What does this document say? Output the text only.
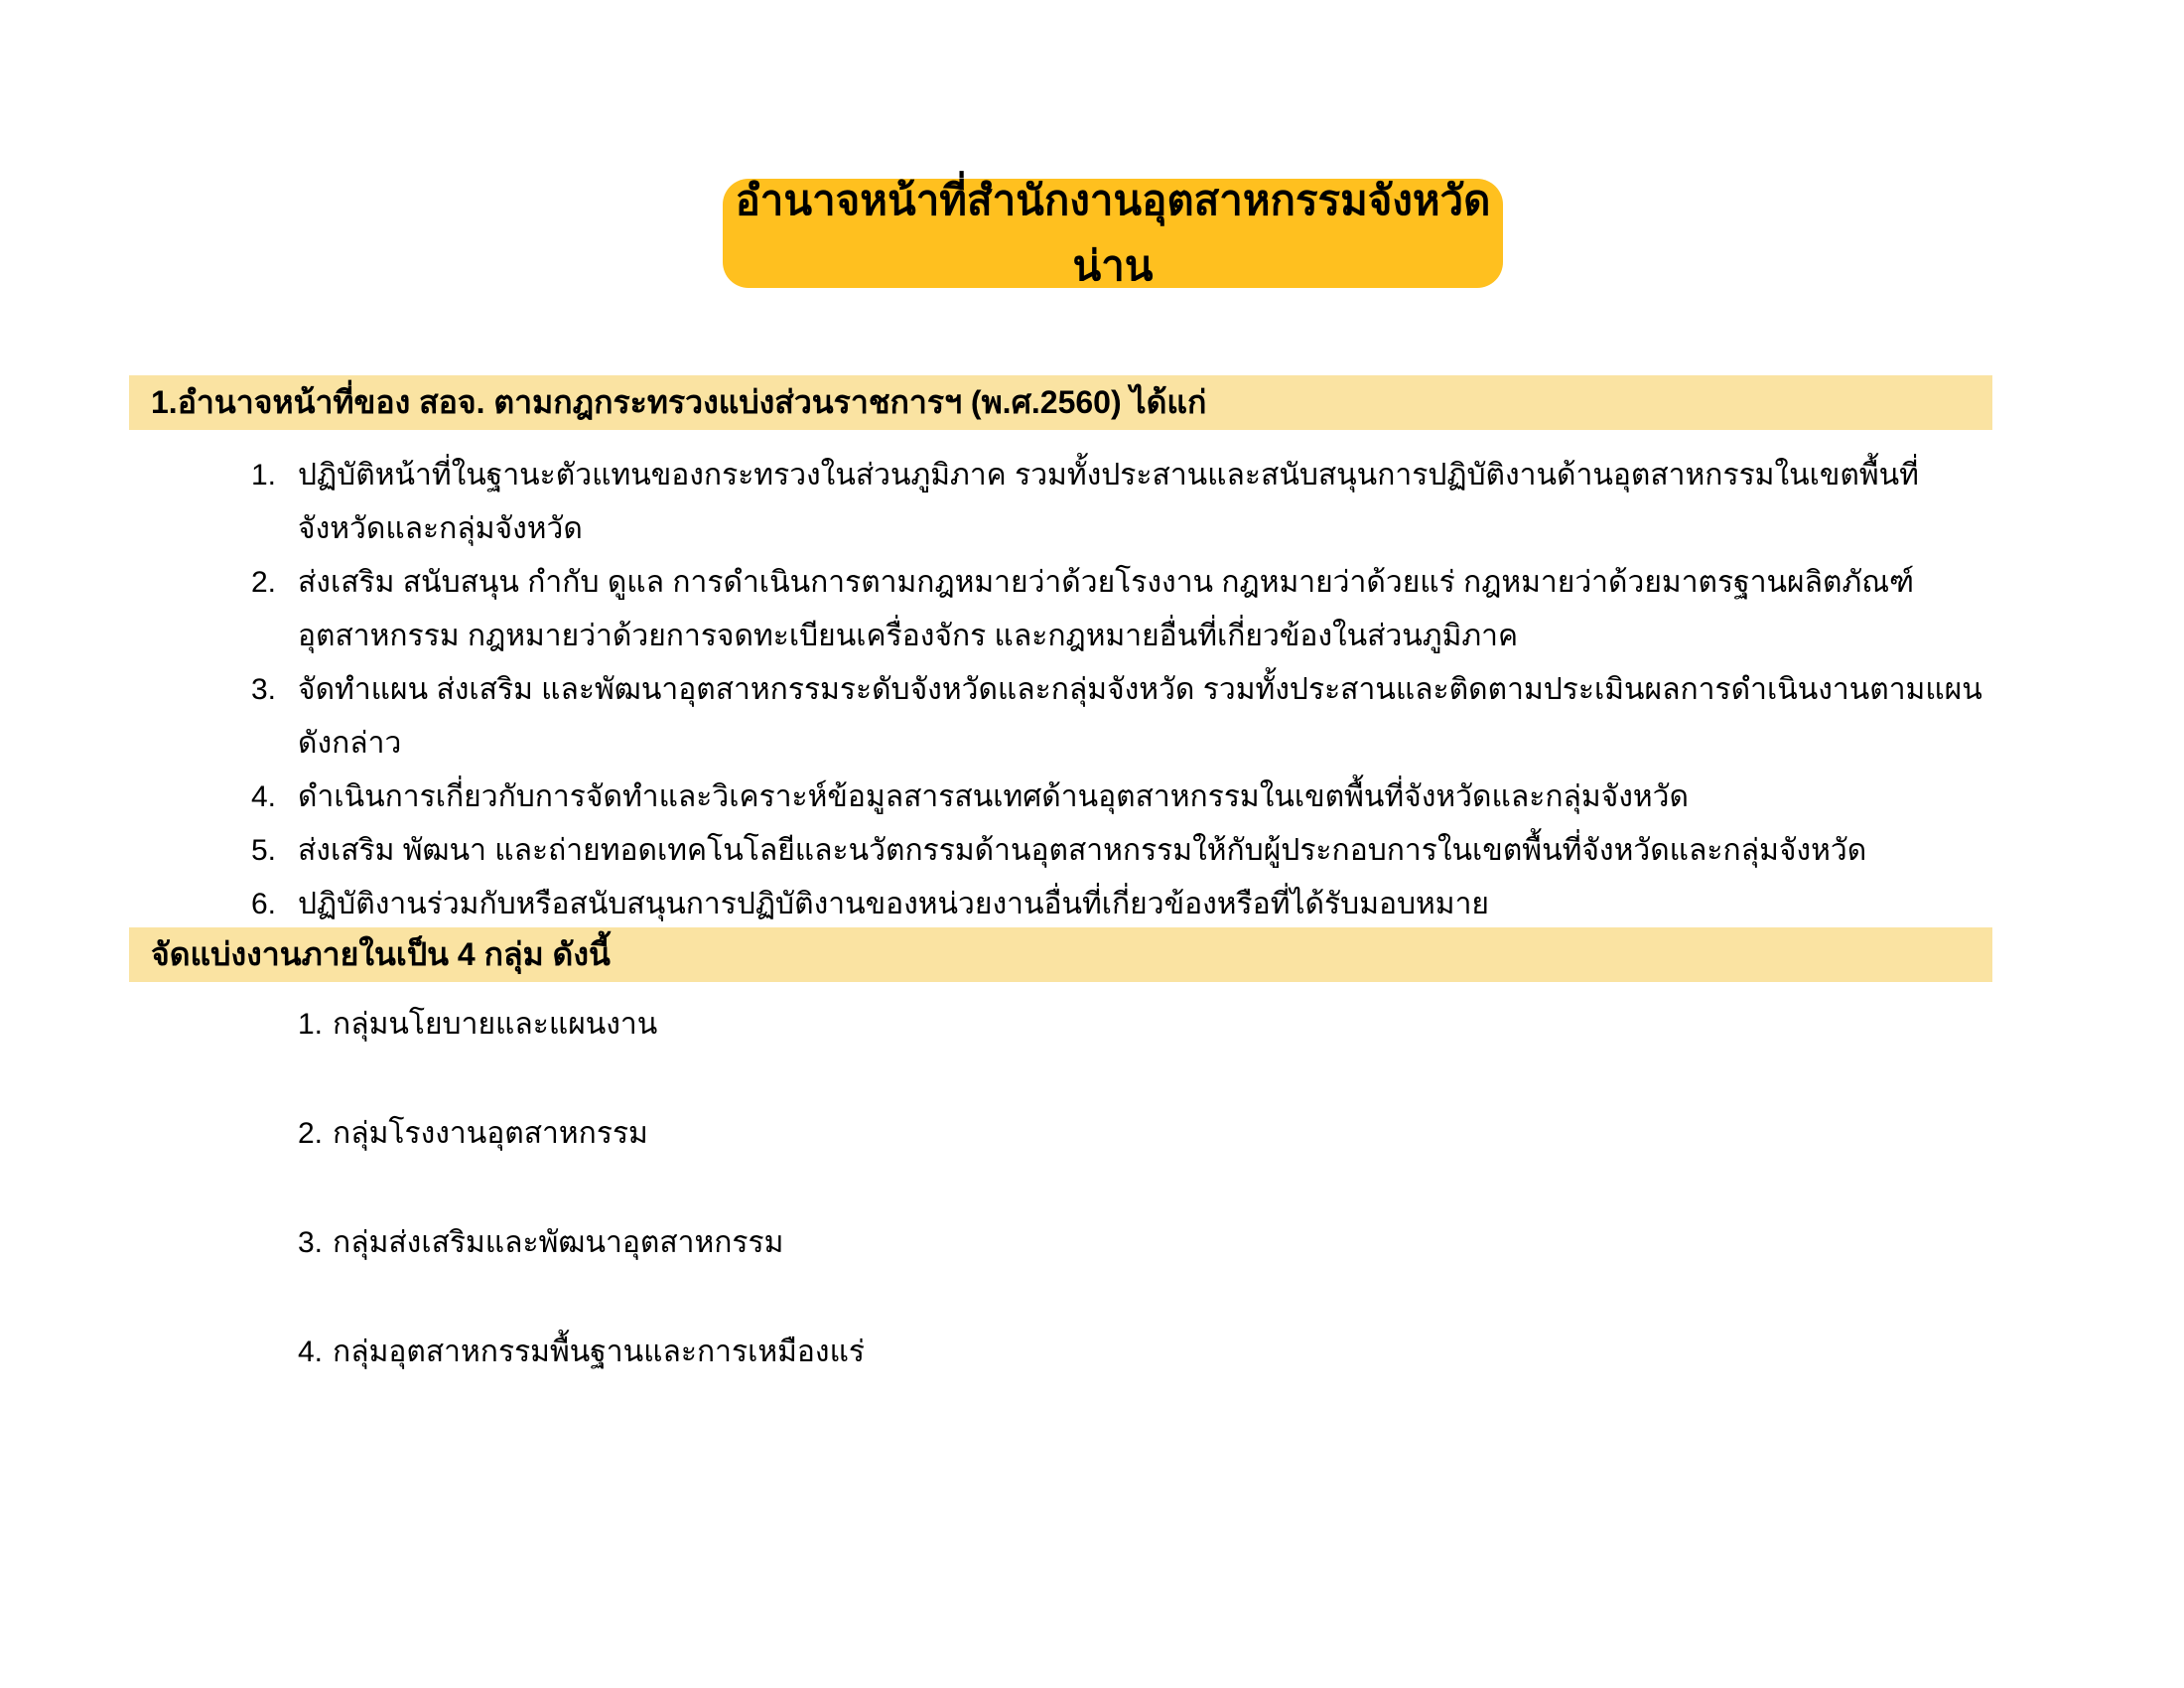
อำนาจหน้าที่สำนักงานอุตสาหกรรมจังหวัดน่าน
1.อำนาจหน้าที่ของ สอจ. ตามกฎกระทรวงแบ่งส่วนราชการฯ (พ.ศ.2560) ได้แก่
1. ปฏิบัติหน้าที่ในฐานะตัวแทนของกระทรวงในส่วนภูมิภาค รวมทั้งประสานและสนับสนุนการปฏิบัติงานด้านอุตสาหกรรมในเขตพื้นที่จังหวัดและกลุ่มจังหวัด
2. ส่งเสริม สนับสนุน กำกับ ดูแล การดำเนินการตามกฎหมายว่าด้วยโรงงาน กฎหมายว่าด้วยแร่ กฎหมายว่าด้วยมาตรฐานผลิตภัณฑ์อุตสาหกรรม กฎหมายว่าด้วยการจดทะเบียนเครื่องจักร และกฎหมายอื่นที่เกี่ยวข้องในส่วนภูมิภาค
3. จัดทำแผน ส่งเสริม และพัฒนาอุตสาหกรรมระดับจังหวัดและกลุ่มจังหวัด รวมทั้งประสานและติดตามประเมินผลการดำเนินงานตามแผนดังกล่าว
4. ดำเนินการเกี่ยวกับการจัดทำและวิเคราะห์ข้อมูลสารสนเทศด้านอุตสาหกรรมในเขตพื้นที่จังหวัดและกลุ่มจังหวัด
5. ส่งเสริม พัฒนา และถ่ายทอดเทคโนโลยีและนวัตกรรมด้านอุตสาหกรรมให้กับผู้ประกอบการในเขตพื้นที่จังหวัดและกลุ่มจังหวัด
6. ปฏิบัติงานร่วมกับหรือสนับสนุนการปฏิบัติงานของหน่วยงานอื่นที่เกี่ยวข้องหรือที่ได้รับมอบหมาย
จัดแบ่งงานภายในเป็น 4 กลุ่ม ดังนี้
1. กลุ่มนโยบายและแผนงาน
2. กลุ่มโรงงานอุตสาหกรรม
3. กลุ่มส่งเสริมและพัฒนาอุตสาหกรรม
4. กลุ่มอุตสาหกรรมพื้นฐานและการเหมืองแร่
